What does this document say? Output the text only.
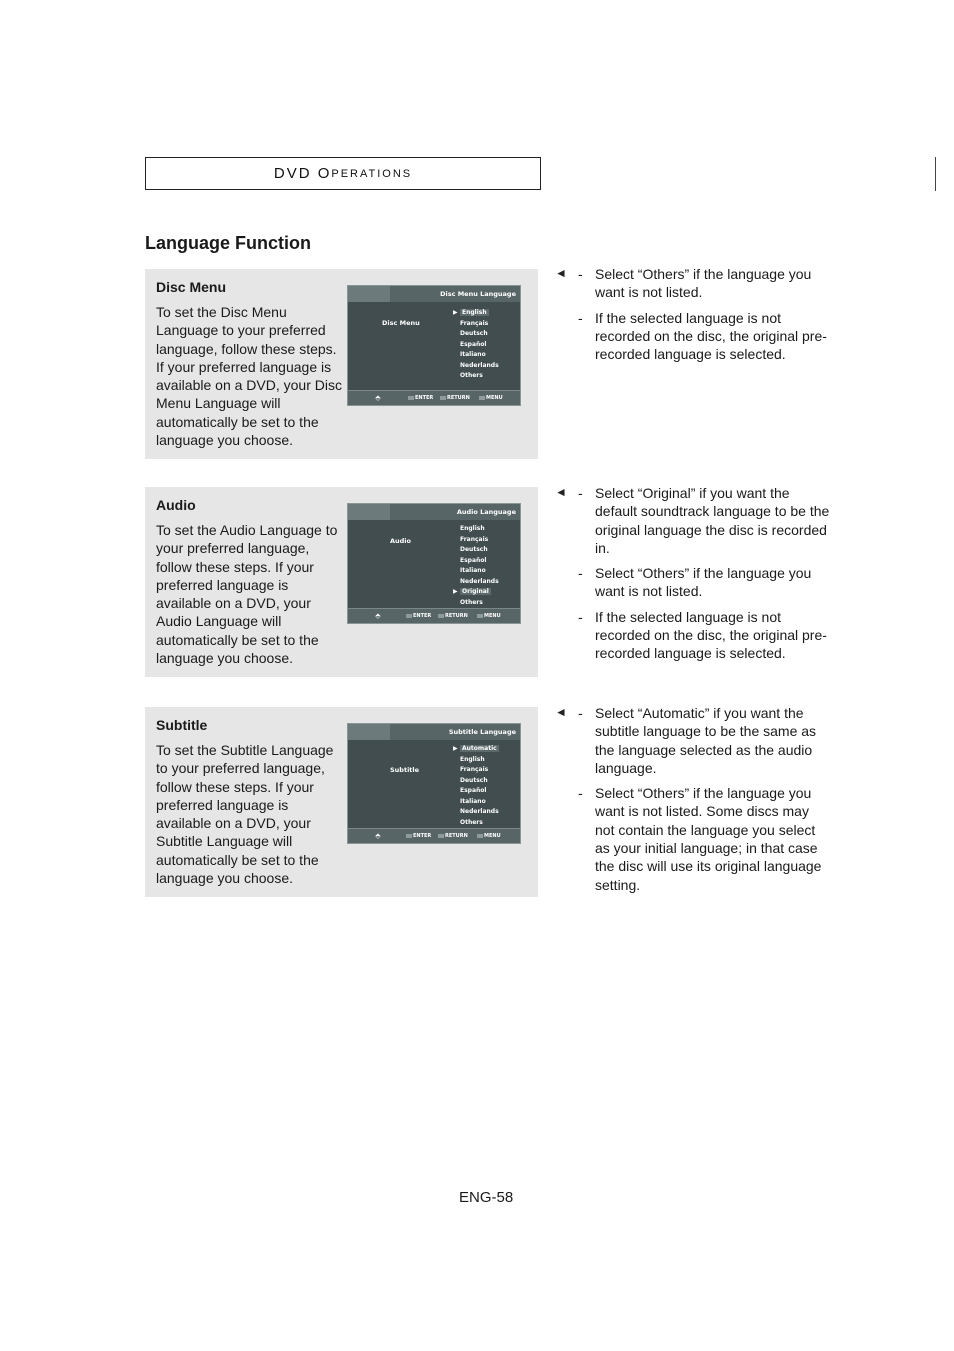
DVD O PERATIONS
Language Function
Disc Menu
To set the Disc Menu Language to your preferred language, follow these steps. If your preferred language is available on a DVD, your Disc Menu Language will automatically be set to the language you choose.
Disc Menu Language
Disc Menu
▶ English
Français
Deutsch
Español
Italiano
Nederlands
Others
⬘	ENTER	RETURN	MENU
Audio
To set the Audio Language to your preferred language, follow these steps. If your preferred language is available on a DVD, your Audio Language will automatically be set to the language you choose.
Audio Language
Audio
English
Français
Deutsch
Español
Italiano
Nederlands
▶ Original
Others
⬘	ENTER	RETURN	MENU
Subtitle
To set the Subtitle Language to your preferred language, follow these steps. If your preferred language is available on a DVD, your Subtitle Language will automatically be set to the language you choose.
Subtitle Language
Subtitle
▶ Automatic
English
Français
Deutsch
Español
Italiano
Nederlands
Others
⬘	ENTER	RETURN	MENU
◄ - Select “Others” if the language you want is not listed.
- If the selected language is not recorded on the disc, the original pre-recorded language is selected.
◄ - Select “Original” if you want the default soundtrack language to be the original language the disc is recorded in.
- Select “Others” if the language you want is not listed.
- If the selected language is not recorded on the disc, the original pre-recorded language is selected.
◄ - Select “Automatic” if you want the subtitle language to be the same as the language selected as the audio language.
- Select “Others” if the language you want is not listed. Some discs may not contain the language you select as your initial language; in that case the disc will use its original language setting.
ENG-58
